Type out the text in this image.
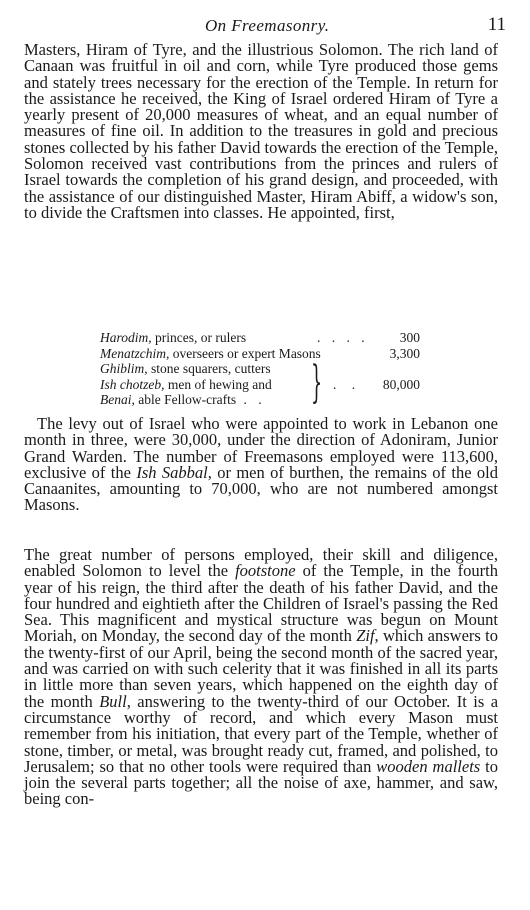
On Freemasonry.	11

Masters, Hiram of Tyre, and the illustrious Solomon. The rich land of Canaan was fruitful in oil and corn, while Tyre produced those gems and stately trees necessary for the erection of the Temple. In return for the assistance he received, the King of Israel ordered Hiram of Tyre a yearly present of 20,000 measures of wheat, and an equal number of measures of fine oil. In addition to the treasures in gold and precious stones collected by his father David towards the erection of the Temple, Solomon received vast contributions from the princes and rulers of Israel towards the completion of his grand design, and proceeded, with the assistance of our distinguished Master, Hiram Abiff, a widow's son, to divide the Craftsmen into classes. He appointed, first,

Harodim, princes, or rulers	. . . . 300
Menatzchim, overseers or expert Masons	3,300
Ghiblim, stone squarers, cutters
Ish chotzeb, men of hewing and
Benai, able Fellow-crafts . .	} . . 80,000

The levy out of Israel who were appointed to work in Lebanon one month in three, were 30,000, under the direction of Adoniram, Junior Grand Warden. The number of Freemasons employed were 113,600, exclusive of the Ish Sabbal, or men of burthen, the remains of the old Canaanites, amounting to 70,000, who are not numbered amongst Masons.

The great number of persons employed, their skill and diligence, enabled Solomon to level the footstone of the Temple, in the fourth year of his reign, the third after the death of his father David, and the four hundred and eightieth after the Children of Israel's passing the Red Sea. This magnificent and mystical structure was begun on Mount Moriah, on Monday, the second day of the month Zif, which answers to the twenty-first of our April, being the second month of the sacred year, and was carried on with such celerity that it was finished in all its parts in little more than seven years, which happened on the eighth day of the month Bull, answering to the twenty-third of our October. It is a circumstance worthy of record, and which every Mason must remember from his initiation, that every part of the Temple, whether of stone, timber, or metal, was brought ready cut, framed, and polished, to Jerusalem; so that no other tools were required than wooden mallets to join the several parts together; all the noise of axe, hammer, and saw, being con-
